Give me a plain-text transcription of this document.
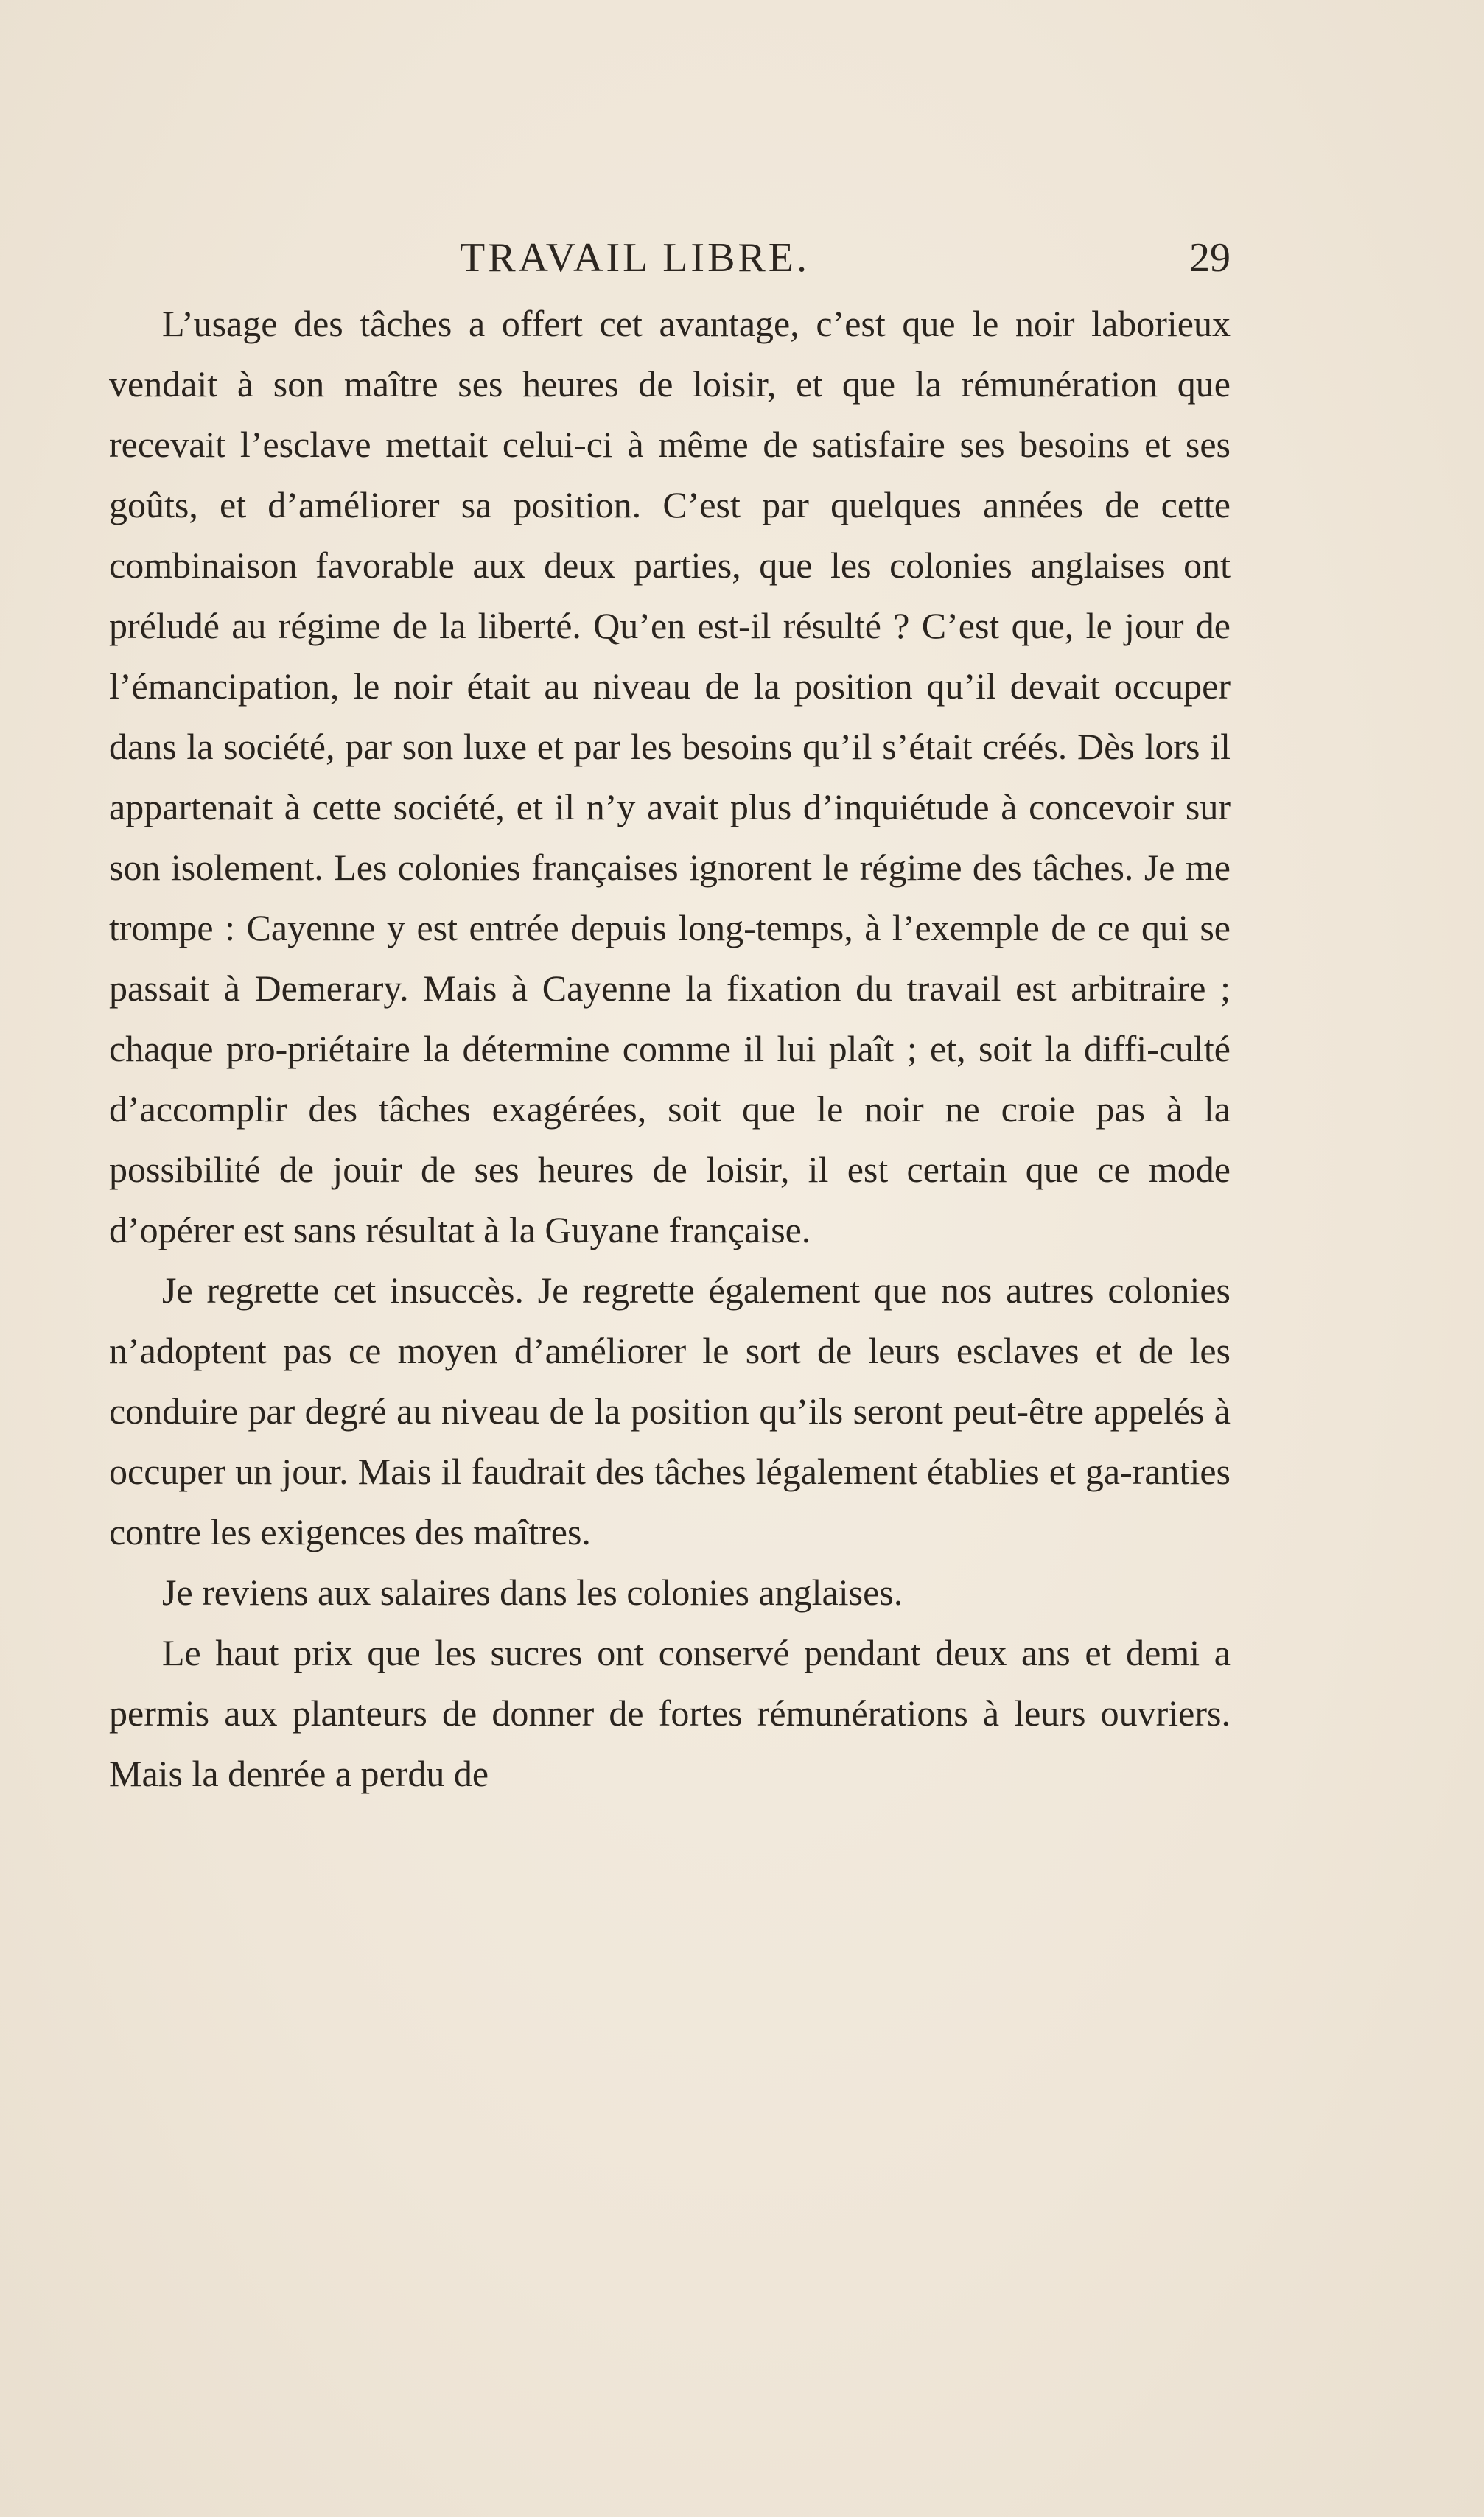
TRAVAIL LIBRE.	29

L’usage des tâches a offert cet avantage, c’est que le noir laborieux vendait à son maître ses heures de loisir, et que la rémunération que recevait l’esclave mettait celui-ci à même de satisfaire ses besoins et ses goûts, et d’améliorer sa position. C’est par quelques années de cette combinaison favorable aux deux parties, que les colonies anglaises ont préludé au régime de la liberté. Qu’en est-il résulté ? C’est que, le jour de l’émancipation, le noir était au niveau de la position qu’il devait occuper dans la société, par son luxe et par les besoins qu’il s’était créés. Dès lors il appartenait à cette société, et il n’y avait plus d’inquiétude à concevoir sur son isolement. Les colonies françaises ignorent le régime des tâches. Je me trompe : Cayenne y est entrée depuis long-temps, à l’exemple de ce qui se passait à Demerary. Mais à Cayenne la fixation du travail est arbitraire ; chaque pro-priétaire la détermine comme il lui plaît ; et, soit la diffi-culté d’accomplir des tâches exagérées, soit que le noir ne croie pas à la possibilité de jouir de ses heures de loisir, il est certain que ce mode d’opérer est sans résultat à la Guyane française.

Je regrette cet insuccès. Je regrette également que nos autres colonies n’adoptent pas ce moyen d’améliorer le sort de leurs esclaves et de les conduire par degré au niveau de la position qu’ils seront peut-être appelés à occuper un jour. Mais il faudrait des tâches légalement établies et ga-ranties contre les exigences des maîtres.

Je reviens aux salaires dans les colonies anglaises.

Le haut prix que les sucres ont conservé pendant deux ans et demi a permis aux planteurs de donner de fortes rémunérations à leurs ouvriers. Mais la denrée a perdu de
